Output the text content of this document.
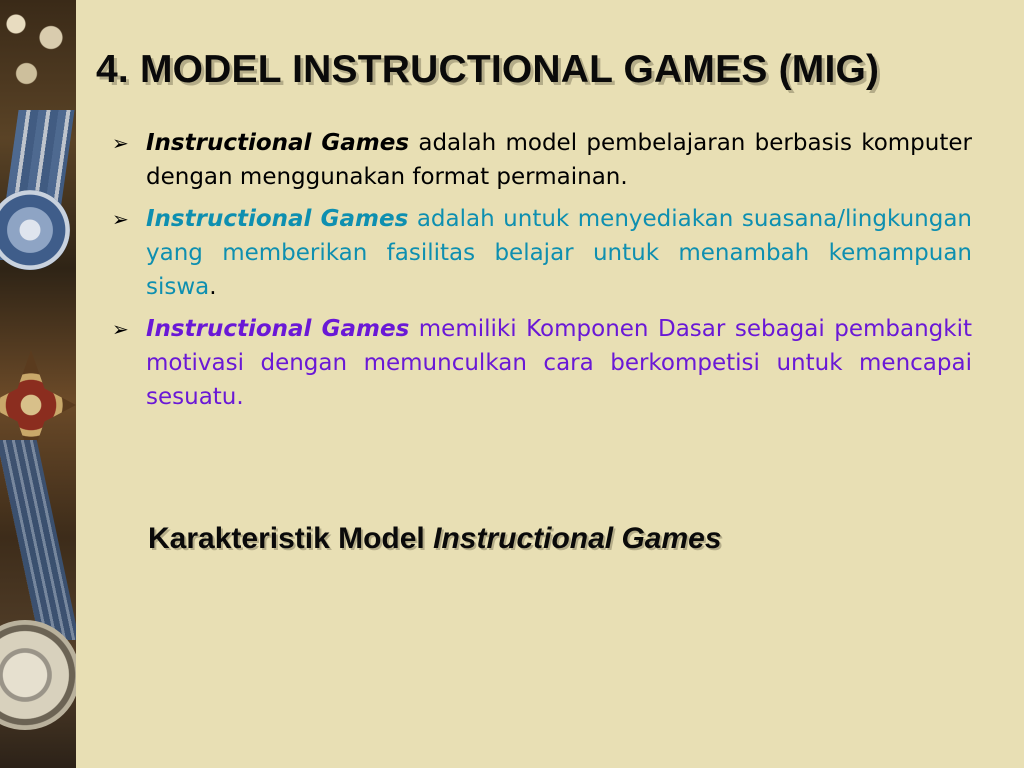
4. MODEL INSTRUCTIONAL GAMES (MIG)
➢ Instructional Games adalah model pembelajaran berbasis komputer dengan menggunakan format permainan.
➢ Instructional Games adalah untuk menyediakan suasana/lingkungan yang memberikan fasilitas belajar untuk menambah kemampuan siswa.
➢ Instructional Games memiliki Komponen Dasar sebagai pembangkit motivasi dengan memunculkan cara berkompetisi untuk mencapai sesuatu.
Karakteristik Model Instructional Games
